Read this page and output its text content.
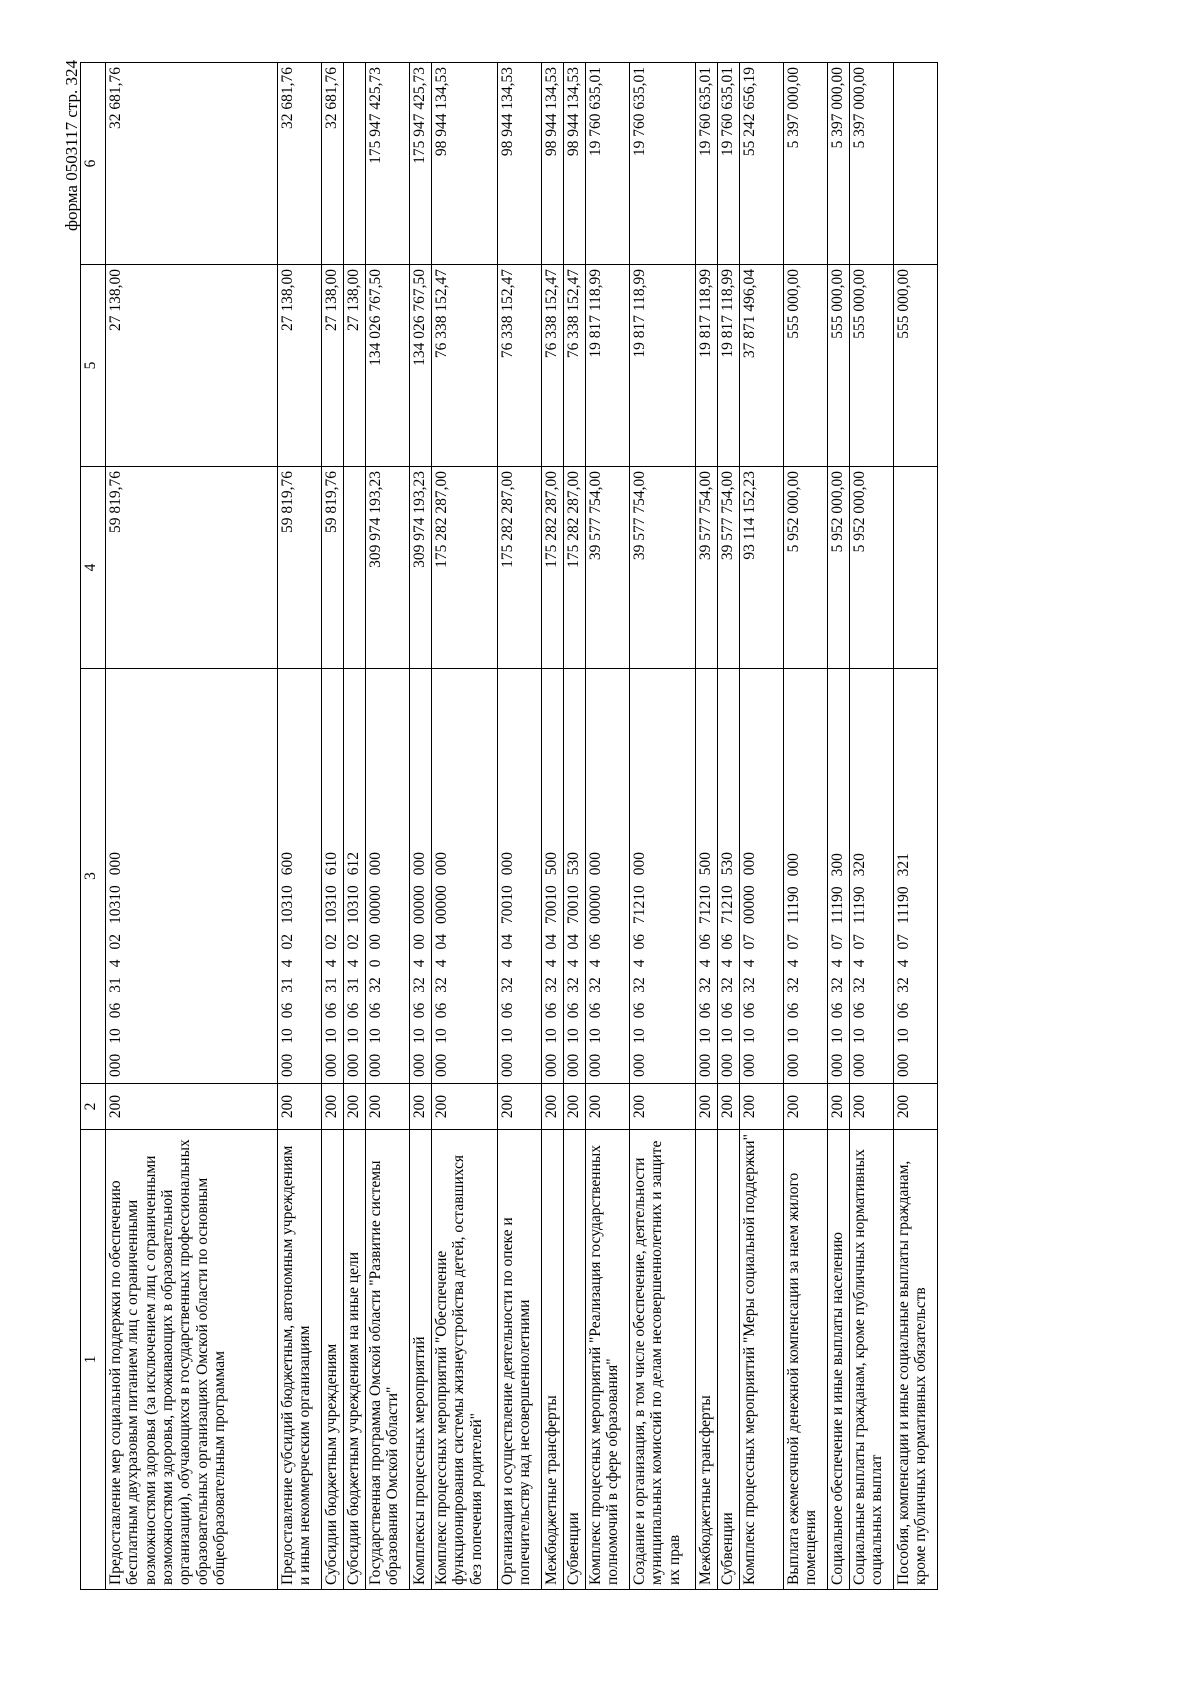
форма 0503117 стр. 324
1	2	3	4	5	6
Предоставление мер социальной поддержки по обеспечению бесплатным двухразовым питанием лиц с ограниченными возможностями здоровья (за исключением лиц с ограниченными возможностями здоровья, проживающих в образовательной организации), обучающихся в государственных профессиональных образовательных организациях Омской области по основным общеобразовательным программам	200	00010063140210310000	59 819,76	27 138,00	32 681,76
Предоставление субсидий бюджетным, автономным учреждениям и иным некоммерческим организациям	200	00010063140210310600	59 819,76	27 138,00	32 681,76
Субсидии бюджетным учреждениям	200	00010063140210310610	59 819,76	27 138,00	32 681,76
Субсидии бюджетным учреждениям на иные цели	200	00010063140210310612		27 138,00	
Государственная программа Омской области "Развитие системы образования Омской области"	200	00010063200000000000	309 974 193,23	134 026 767,50	175 947 425,73
Комплексы процессных мероприятий	200	00010063240000000000	309 974 193,23	134 026 767,50	175 947 425,73
Комплекс процессных мероприятий "Обеспечение функционирования системы жизнеустройства детей, оставшихся без попечения родителей"	200	00010063240400000000	175 282 287,00	76 338 152,47	98 944 134,53
Организация и осуществление деятельности по опеке и попечительству над несовершеннолетними	200	00010063240470010000	175 282 287,00	76 338 152,47	98 944 134,53
Межбюджетные трансферты	200	00010063240470010500	175 282 287,00	76 338 152,47	98 944 134,53
Субвенции	200	00010063240470010530	175 282 287,00	76 338 152,47	98 944 134,53
Комплекс процессных мероприятий "Реализация государственных полномочий в сфере образования"	200	00010063240600000000	39 577 754,00	19 817 118,99	19 760 635,01
Создание и организация, в том числе обеспечение, деятельности муниципальных комиссий по делам несовершеннолетних и защите их прав	200	00010063240671210000	39 577 754,00	19 817 118,99	19 760 635,01
Межбюджетные трансферты	200	00010063240671210500	39 577 754,00	19 817 118,99	19 760 635,01
Субвенции	200	00010063240671210530	39 577 754,00	19 817 118,99	19 760 635,01
Комплекс процессных мероприятий "Меры социальной поддержки"	200	00010063240700000000	93 114 152,23	37 871 496,04	55 242 656,19
Выплата ежемесячной денежной компенсации за наем жилого помещения	200	00010063240711190000	5 952 000,00	555 000,00	5 397 000,00
Социальное обеспечение и иные выплаты населению	200	00010063240711190300	5 952 000,00	555 000,00	5 397 000,00
Социальные выплаты гражданам, кроме публичных нормативных социальных выплат	200	00010063240711190320	5 952 000,00	555 000,00	5 397 000,00
Пособия, компенсации и иные социальные выплаты гражданам, кроме публичных нормативных обязательств	200	00010063240711190321		555 000,00	
